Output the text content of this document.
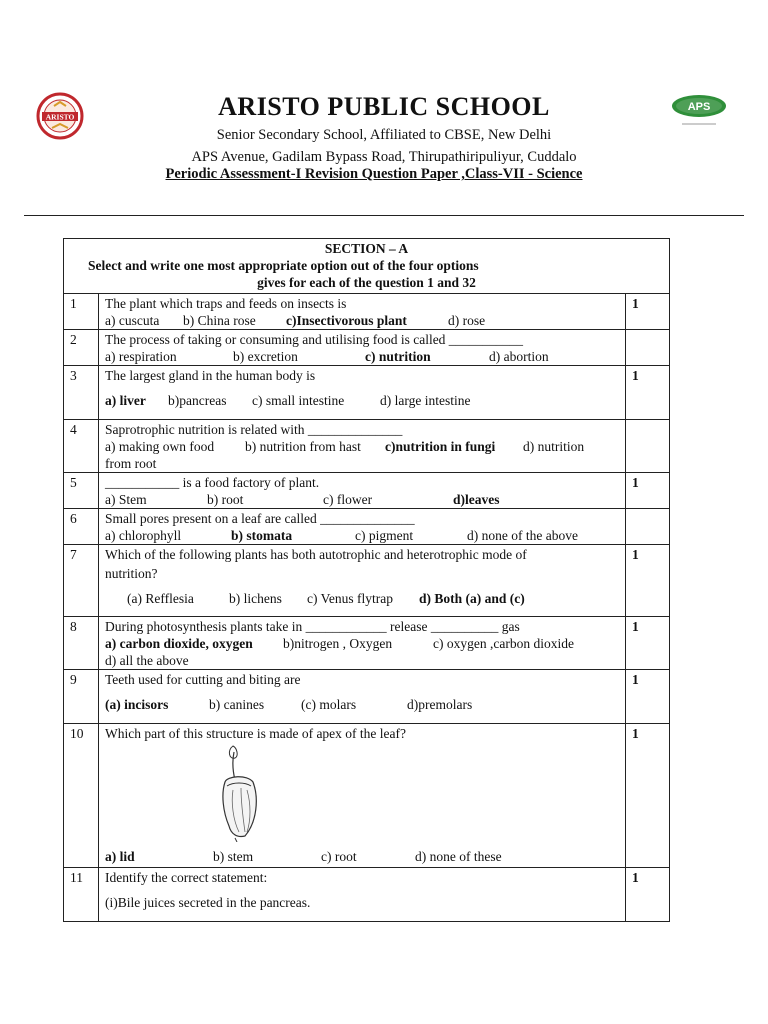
ARISTO
APS
ARISTO PUBLIC SCHOOL
Senior Secondary School, Affiliated to CBSE, New Delhi
APS Avenue, Gadilam Bypass Road, Thirupathiripuliyur, Cuddalo
Periodic Assessment-I Revision Question Paper ,Class-VII - Science
SECTION – A
Select and write one most appropriate option out of the four options
gives for each of the question 1 and 32		

1	The plant which traps and feeds on insects is
a) cuscuta b) China rose c)Insectivorous plant d) rose	1
2	The process of taking or consuming and utilising food is called ___________
a) respiration b) excretion c) nutrition d) abortion	

3	The largest gland in the human body is
a) liver b)pancreas c) small intestine d) large intestine	1
4	Saprotrophic nutrition is related with ______________
a) making own food b) nutrition from hast c)nutrition in fungi d) nutrition
from root	

5	___________ is a food factory of plant.
a) Stem b) root c) flower d)leaves	1
6	Small pores present on a leaf are called ______________
a) chlorophyll b) stomata c) pigment d) none of the above	

7	Which of the following plants has both autotrophic and heterotrophic mode of
nutrition?
(a) Refflesia b) lichens c) Venus flytrap d) Both (a) and (c)	1
8	During photosynthesis plants take in ____________ release __________ gas
a) carbon dioxide, oxygen b)nitrogen , Oxygen c) oxygen ,carbon dioxide
d) all the above	1
9	Teeth used for cutting and biting are
(a) incisors b) canines (c) molars d)premolars	1
10	Which part of this structure is made of apex of the leaf?
a) lid b) stem c) root d) none of these	1
11	Identify the correct statement:
(i)Bile juices secreted in the pancreas.	1
